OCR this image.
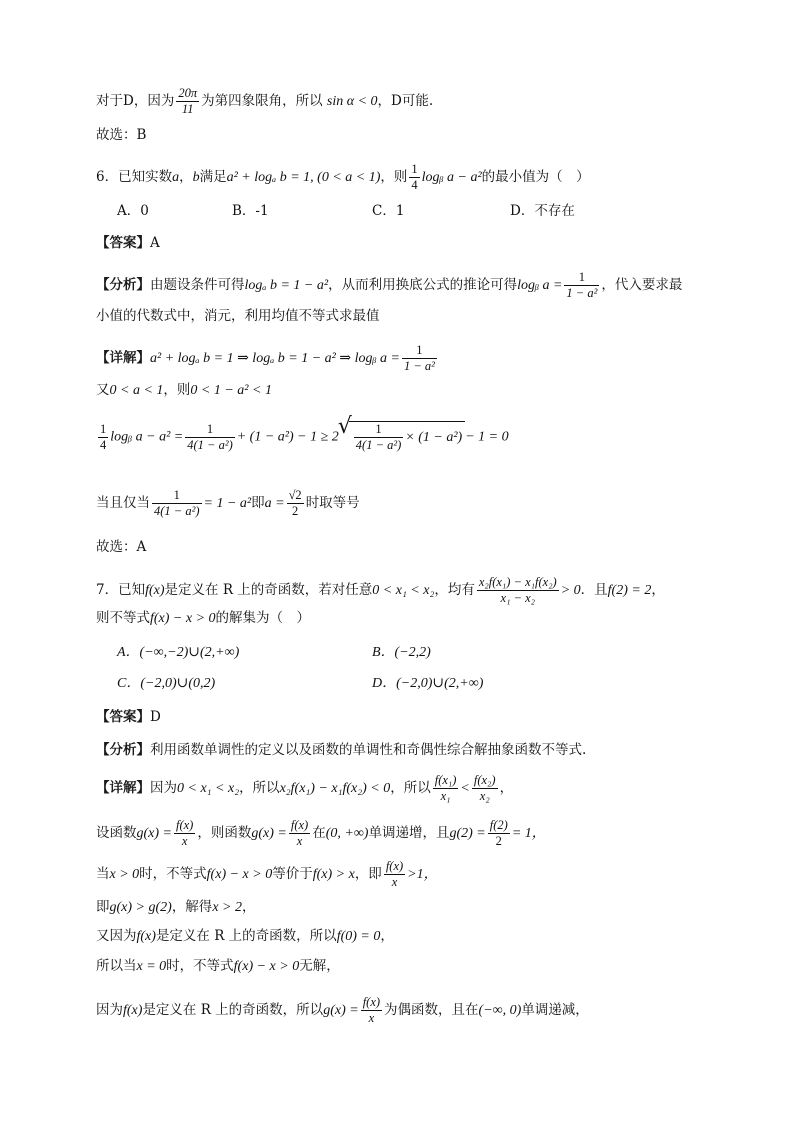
对于D，因为 $\frac{20\pi}{11}$ 为第四象限角，所以 sin α < 0，D可能.
故选：B
6．已知实数a，b满足a² + logₐ b = 1, (0 < a < 1)，则 $\frac{1}{4}$ logᵦ a − a²的最小值为（　）
A．0	B．-1	C．1	D．不存在
【答案】A
【分析】由题设条件可得logₐ b = 1 − a²，从而利用换底公式的推论可得logᵦ $a = \frac{1}{\text{1 − a²}}$ ，代入要求最
小值的代数式中，消元，利用均值不等式求最值
【详解】a² + logₐ b = 1 ⇒ logₐ b = 1 − a² ⇒ logᵦ $a = \frac{1}{\text{1 − a²}}$
又0 < a < 1，则0 < 1 − a² < 1
$\frac{1}{4}$ logᵦ $a - a^2 = \frac{1}{\text{4(1 − a²)}} + (1 - a^2) - 1 \ge 2$
√ $\frac{1}{\text{4(1 − a²)}} \times (1 - a^2) - 1 = 0$
当且仅当 $\frac{1}{\text{4(1 − a²)}} = 1 - a^2$即$a = \frac{√2}{2}$ 时取等号
故选：A
7．已知f(x)是定义在 R 上的奇函数，若对任意0 < x₁ < x₂，均有 $\frac{\text{x₂f(x₁) − x₁f(x₂)}}{\text{x₁ − x₂}} > 0$．且f(2) = 2，
则不等式f(x) − x > 0的解集为（　）
A．(−∞,−2)∪(2,+∞)	B．(−2,2)
C．(−2,0)∪(0,2)	D．(−2,0)∪(2,+∞)
【答案】D
【分析】利用函数单调性的定义以及函数的单调性和奇偶性综合解抽象函数不等式.
【详解】因为0 < x₁ < x₂，所以x₂f(x₁) − x₁f(x₂) < 0，所以 $\frac{\text{f(x₁)}}{\text{x₁}} < \frac{\text{f(x₂)}}{\text{x₂}}$ ，
设函数$g(x) = \frac{f(x)}{x}$ ，则函数$g(x) = \frac{f(x)}{x}$ 在(0, +∞)单调递增，且$g(2) = \frac{f(2)}{2} = 1$，
当x > 0时，不等式f(x) − x > 0等价于f(x) > x，即 $\frac{f(x)}{x} >1$，
即g(x) > g(2)，解得x > 2，
又因为f(x)是定义在 R 上的奇函数，所以f(0) = 0，
所以当x = 0时，不等式f(x) − x > 0无解，
因为f(x)是定义在 R 上的奇函数，所以$g(x) = \frac{f(x)}{x}$ 为偶函数，且在(−∞, 0)单调递减，
